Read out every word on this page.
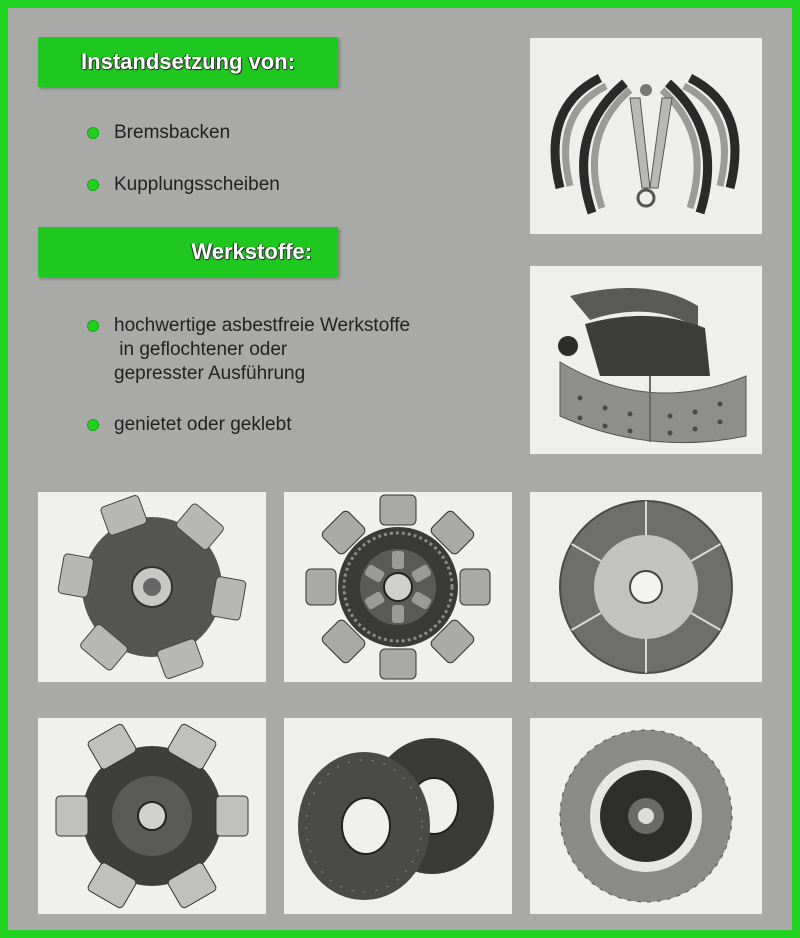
Instandsetzung von:
Bremsbacken
Kupplungsscheiben
Werkstoffe:
hochwertige asbestfreie Werkstoffe
in geflochtener oder
gepresster Ausführung
genietet oder geklebt
